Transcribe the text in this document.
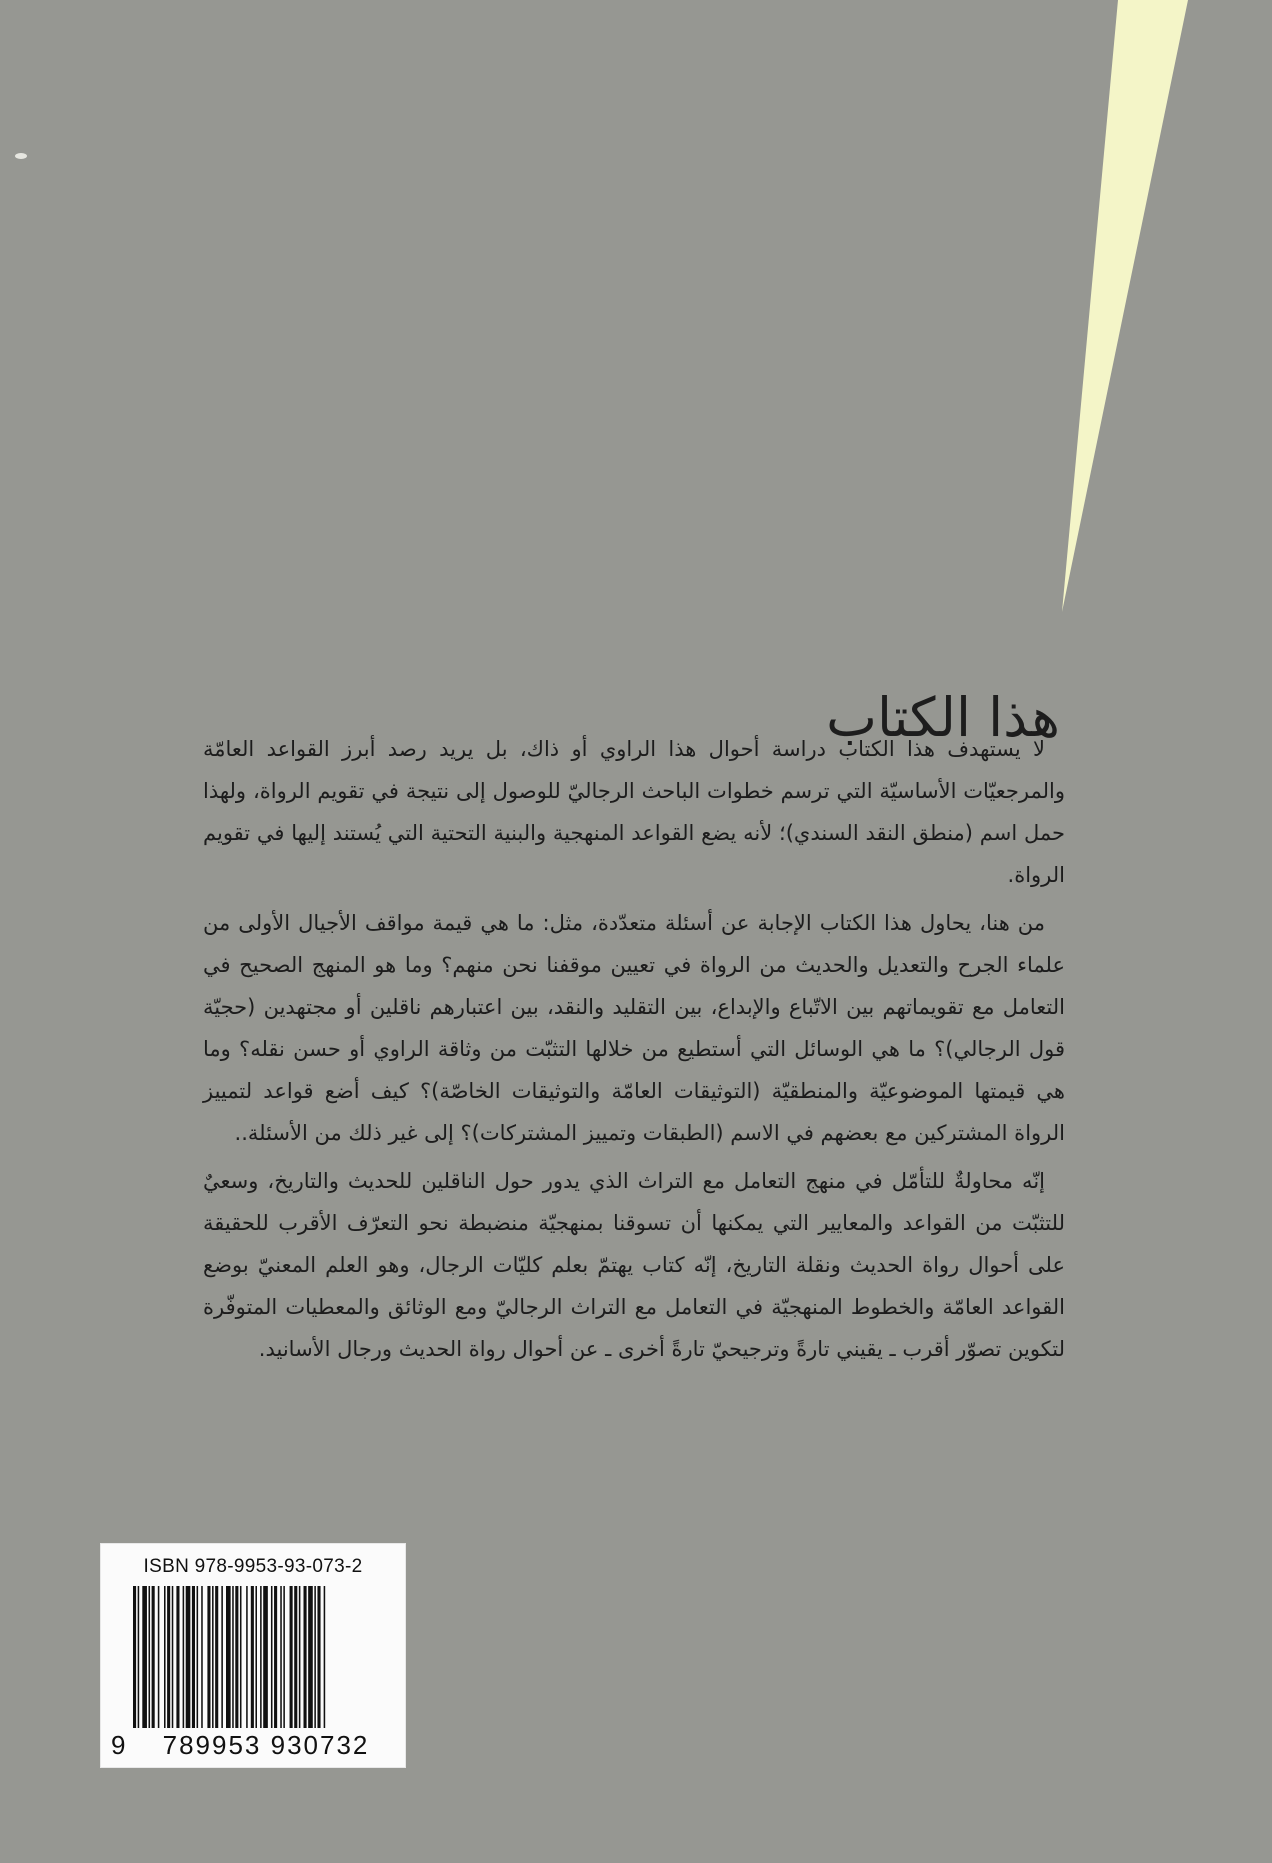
هذا الكتاب

لا يستهدف هذا الكتاب دراسة أحوال هذا الراوي أو ذاك، بل يريد رصد أبرز القواعد العامّة والمرجعيّات الأساسيّة التي ترسم خطوات الباحث الرجاليّ للوصول إلى نتيجة في تقويم الرواة، ولهذا حمل اسم (منطق النقد السندي)؛ لأنه يضع القواعد المنهجية والبنية التحتية التي يُستند إليها في تقويم الرواة.

من هنا، يحاول هذا الكتاب الإجابة عن أسئلة متعدّدة، مثل: ما هي قيمة مواقف الأجيال الأولى من علماء الجرح والتعديل والحديث من الرواة في تعيين موقفنا نحن منهم؟ وما هو المنهج الصحيح في التعامل مع تقويماتهم بين الاتّباع والإبداع، بين التقليد والنقد، بين اعتبارهم ناقلين أو مجتهدين (حجيّة قول الرجالي)؟ ما هي الوسائل التي أستطيع من خلالها التثبّت من وثاقة الراوي أو حسن نقله؟ وما هي قيمتها الموضوعيّة والمنطقيّة (التوثيقات العامّة والتوثيقات الخاصّة)؟ كيف أضع قواعد لتمييز الرواة المشتركين مع بعضهم في الاسم (الطبقات وتمييز المشتركات)؟ إلى غير ذلك من الأسئلة..

إنّه محاولةٌ للتأمّل في منهج التعامل مع التراث الذي يدور حول الناقلين للحديث والتاريخ، وسعيٌ للتثبّت من القواعد والمعايير التي يمكنها أن تسوقنا بمنهجيّة منضبطة نحو التعرّف الأقرب للحقيقة على أحوال رواة الحديث ونقلة التاريخ، إنّه كتاب يهتمّ بعلم كليّات الرجال، وهو العلم المعنيّ بوضع القواعد العامّة والخطوط المنهجيّة في التعامل مع التراث الرجاليّ ومع الوثائق والمعطيات المتوفّرة لتكوين تصوّر أقرب ـ يقيني تارةً وترجيحيّ تارةً أخرى ـ عن أحوال رواة الحديث ورجال الأسانيد.

ISBN 978-9953-93-073-2
9	789953 930732
